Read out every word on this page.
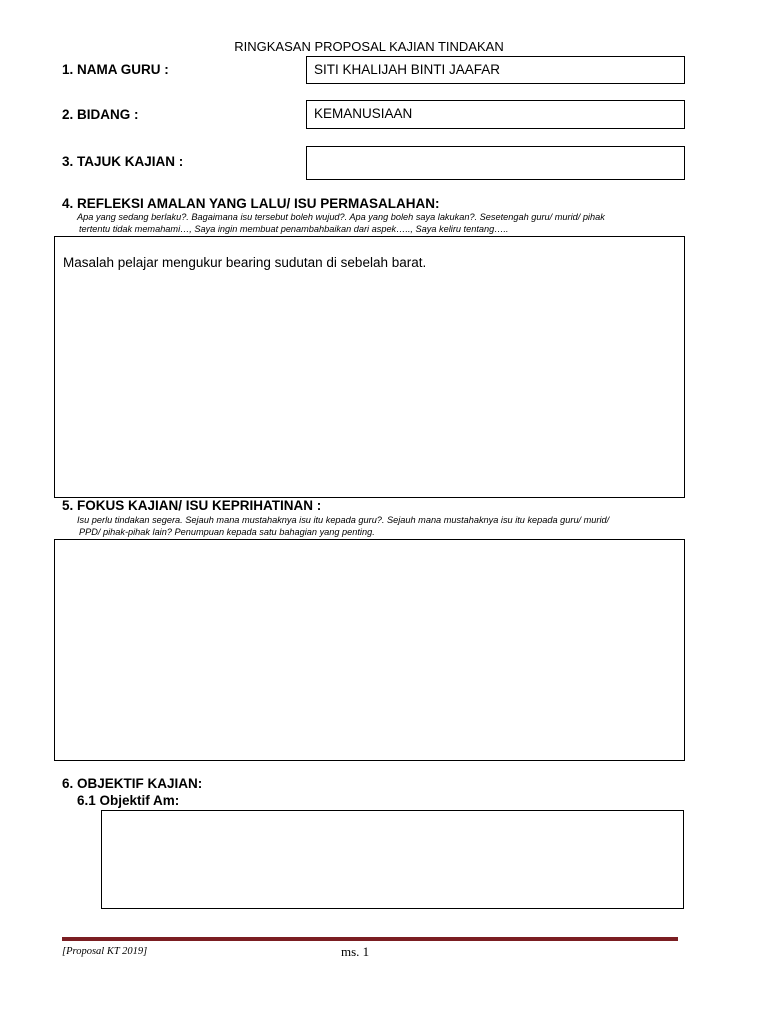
RINGKASAN PROPOSAL KAJIAN TINDAKAN
1. NAMA GURU :	SITI KHALIJAH BINTI JAAFAR
2. BIDANG :	KEMANUSIAAN
3. TAJUK KAJIAN :
4. REFLEKSI AMALAN YANG LALU/ ISU PERMASALAHAN:
Apa yang sedang berlaku?. Bagaimana isu tersebut boleh wujud?. Apa yang boleh saya lakukan?. Sesetengah guru/ murid/ pihak
tertentu tidak memahami…, Saya ingin membuat penambahbaikan dari aspek….., Saya keliru tentang…..
Masalah pelajar mengukur bearing sudutan di sebelah barat.
5. FOKUS KAJIAN/ ISU KEPRIHATINAN :
Isu perlu tindakan segera. Sejauh mana mustahaknya isu itu kepada guru?. Sejauh mana mustahaknya isu itu kepada guru/ murid/
PPD/ pihak-pihak lain? Penumpuan kepada satu bahagian yang penting.
6. OBJEKTIF KAJIAN:
6.1 Objektif Am:
[Proposal KT 2019]	ms. 1
